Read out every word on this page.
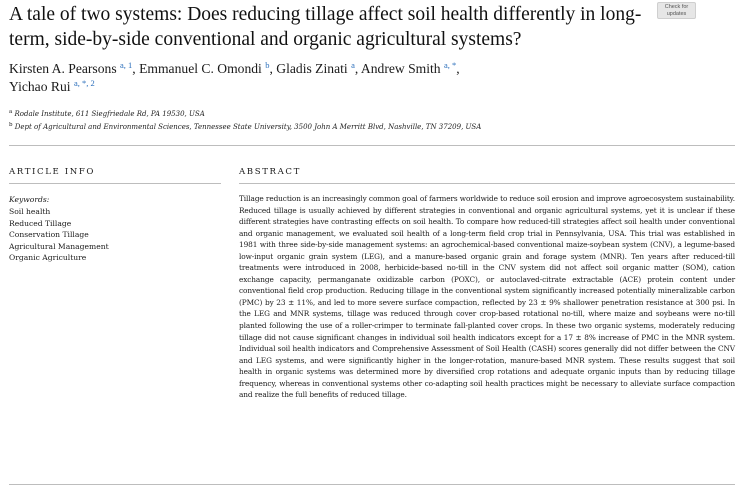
A tale of two systems: Does reducing tillage affect soil health differently in long-term, side-by-side conventional and organic agricultural systems?
Check for
updates
Kirsten A. Pearsons $^{a, 1}$, Emmanuel C. Omondi $^b$, Gladis Zinati $^a$, Andrew Smith $^{a, *}$,
Yichao Rui $^{a, *, 2}$
$^a$ Rodale Institute, 611 Siegfriedale Rd, PA 19530, USA
$^b$ Dept of Agricultural and Environmental Sciences, Tennessee State University, 3500 John A Merritt Blvd, Nashville, TN 37209, USA
ARTICLE INFO	ABSTRACT
Keywords:
Soil health
Reduced Tillage
Conservation Tillage
Agricultural Management
Organic Agriculture

Tillage reduction is an increasingly common goal of farmers worldwide to reduce soil erosion and improve agroecosystem sustainability. Reduced tillage is usually achieved by different strategies in conventional and organic agricultural systems, yet it is unclear if these different strategies have contrasting effects on soil health. To compare how reduced-till strategies affect soil health under conventional and organic management, we evaluated soil health of a long-term field crop trial in Pennsylvania, USA. This trial was established in 1981 with three side-by-side management systems: an agrochemical-based conventional maize-soybean system (CNV), a legume-based low-input organic grain system (LEG), and a manure-based organic grain and forage system (MNR). Ten years after reduced-till treatments were introduced in 2008, herbicide-based no-till in the CNV system did not affect soil organic matter (SOM), cation exchange capacity, permanganate oxidizable carbon (POXC), or autoclaved-citrate extractable (ACE) protein content under conventional field crop production. Reducing tillage in the conventional system significantly increased potentially mineralizable carbon (PMC) by 23 ± 11%, and led to more severe surface compaction, reflected by 23 ± 9% shallower penetration resistance at 300 psi. In the LEG and MNR systems, tillage was reduced through cover crop-based rotational no-till, where maize and soybeans were no-till planted following the use of a roller-crimper to terminate fall-planted cover crops. In these two organic systems, moderately reducing tillage did not cause significant changes in individual soil health indicators except for a 17 ± 8% increase of PMC in the MNR system. Individual soil health indicators and Comprehensive Assessment of Soil Health (CASH) scores generally did not differ between the CNV and LEG systems, and were significantly higher in the longer-rotation, manure-based MNR system. These results suggest that soil health in organic systems was determined more by diversified crop rotations and adequate organic inputs than by reducing tillage frequency, whereas in conventional systems other co-adapting soil health practices might be necessary to alleviate surface compaction and realize the full benefits of reduced tillage.
